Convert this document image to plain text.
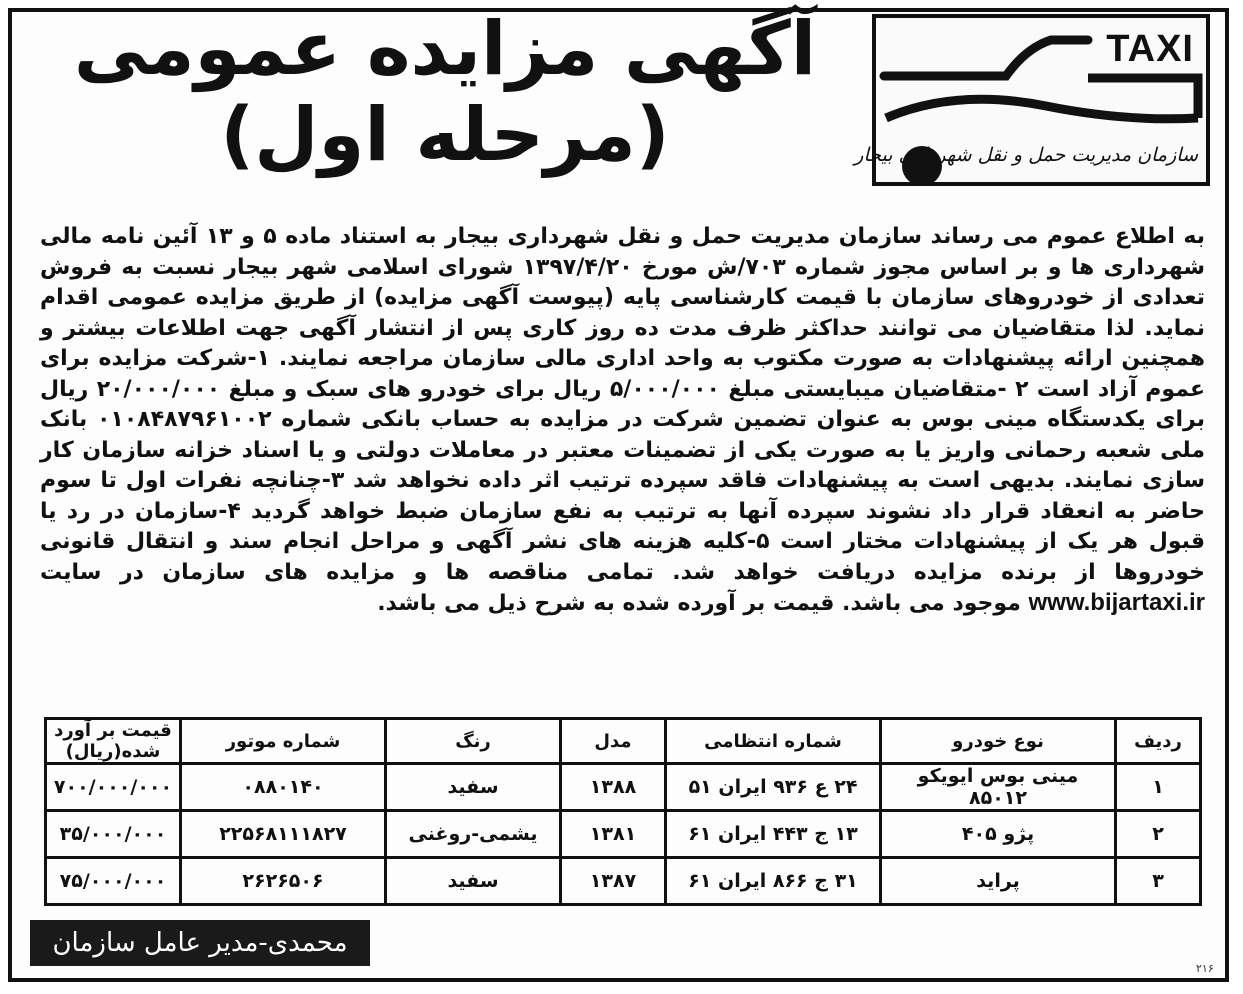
TAXI
سازمان مدیریت حمل و نقل شهرداری بیجار
آگهی مزایده عمومی
(مرحله اول)
به اطلاع عموم می رساند سازمان مدیریت حمل و نقل شهرداری بیجار به استناد ماده ۵ و ۱۳ آئین نامه مالی شهرداری ها و بر اساس مجوز شماره ۷۰۳/ش مورخ ۱۳۹۷/۴/۲۰ شورای اسلامی شهر بیجار نسبت به فروش تعدادی از خودروهای سازمان با قیمت کارشناسی پایه (پیوست آگهی مزایده) از طریق مزایده عمومی اقدام نماید. لذا متقاضیان می توانند حداکثر ظرف مدت ده روز کاری پس از انتشار آگهی جهت اطلاعات بیشتر و همچنین ارائه پیشنهادات به صورت مکتوب به واحد اداری مالی سازمان مراجعه نمایند. ۱-شرکت مزایده برای عموم آزاد است ۲ -متقاضیان میبایستی مبلغ ۵/۰۰۰/۰۰۰ ریال برای خودرو های سبک و مبلغ ۲۰/۰۰۰/۰۰۰ ریال برای یکدستگاه مینی بوس به عنوان تضمین شرکت در مزایده به حساب بانکی شماره ۰۱۰۸۴۸۷۹۶۱۰۰۲ بانک ملی شعبه رحمانی واریز یا به صورت یکی از تضمینات معتبر در معاملات دولتی و یا اسناد خزانه سازمان کار سازی نمایند. بدیهی است به پیشنهادات فاقد سپرده ترتیب اثر داده نخواهد شد ۳-چنانچه نفرات اول تا سوم حاضر به انعقاد قرار داد نشوند سپرده آنها به ترتیب به نفع سازمان ضبط خواهد گردید ۴-سازمان در رد یا قبول هر یک از پیشنهادات مختار است ۵-کلیه هزینه های نشر آگهی و مراحل انجام سند و انتقال قانونی خودروها از برنده مزایده دریافت خواهد شد. تمامی مناقصه ها و مزایده های سازمان در سایت www.bijartaxi.ir موجود می باشد. قیمت بر آورده شده به شرح ذیل می باشد.
ردیف	نوع خودرو	شماره انتظامی	مدل	رنگ	شماره موتور	قیمت بر آورد شده(ریال)
۱	مینی بوس ایویکو ۸۵۰۱۲	۲۴ ع ۹۳۶ ایران ۵۱	۱۳۸۸	سفید	۰۸۸۰۱۴۰	۷۰۰/۰۰۰/۰۰۰
۲	پژو ۴۰۵	۱۳ ج ۴۴۳ ایران ۶۱	۱۳۸۱	یشمی-روغنی	۲۲۵۶۸۱۱۱۸۲۷	۳۵/۰۰۰/۰۰۰
۳	پراید	۳۱ ج ۸۶۶ ایران ۶۱	۱۳۸۷	سفید	۲۶۲۶۵۰۶	۷۵/۰۰۰/۰۰۰
محمدی-مدیر عامل سازمان
۲۱۶
